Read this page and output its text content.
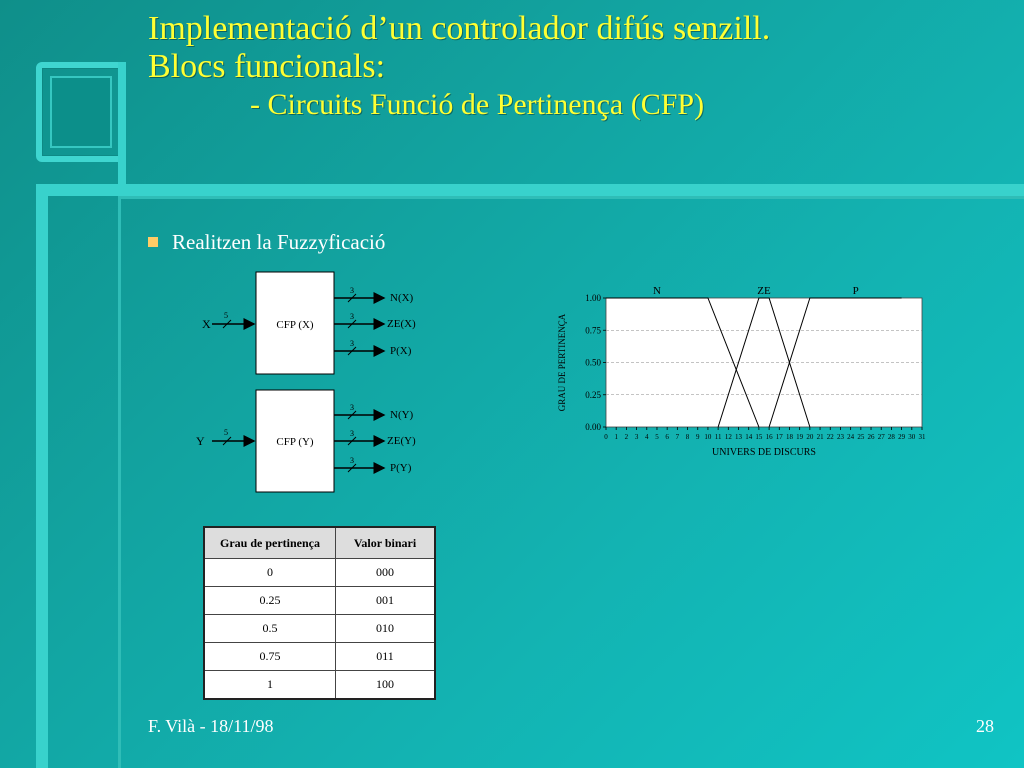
Implementació d’un controlador difús senzill.
Blocs funcionals:
- Circuits Funció de Pertinença (CFP)
Realitzen la Fuzzyficació
CFP (X)
X
5
3
N(X)
3
ZE(X)
3
P(X)
CFP (Y)
Y
5
3
N(Y)
3
ZE(Y)
3
P(Y)
0.00
0.25
0.50
0.75
1.00
0 1 2 3 4 5 6 7 8 9 10 11 12 13 14 15 16 17 18 19 20 21 22 23 24 25 26 27 28 29 30 31
N	ZE	P
UNIVERS DE DISCURS
GRAU DE PERTINENÇA
Grau de pertinença	Valor binari
0	000
0.25	001
0.5	010
0.75	011
1	100
F. Vilà - 18/11/98	28
